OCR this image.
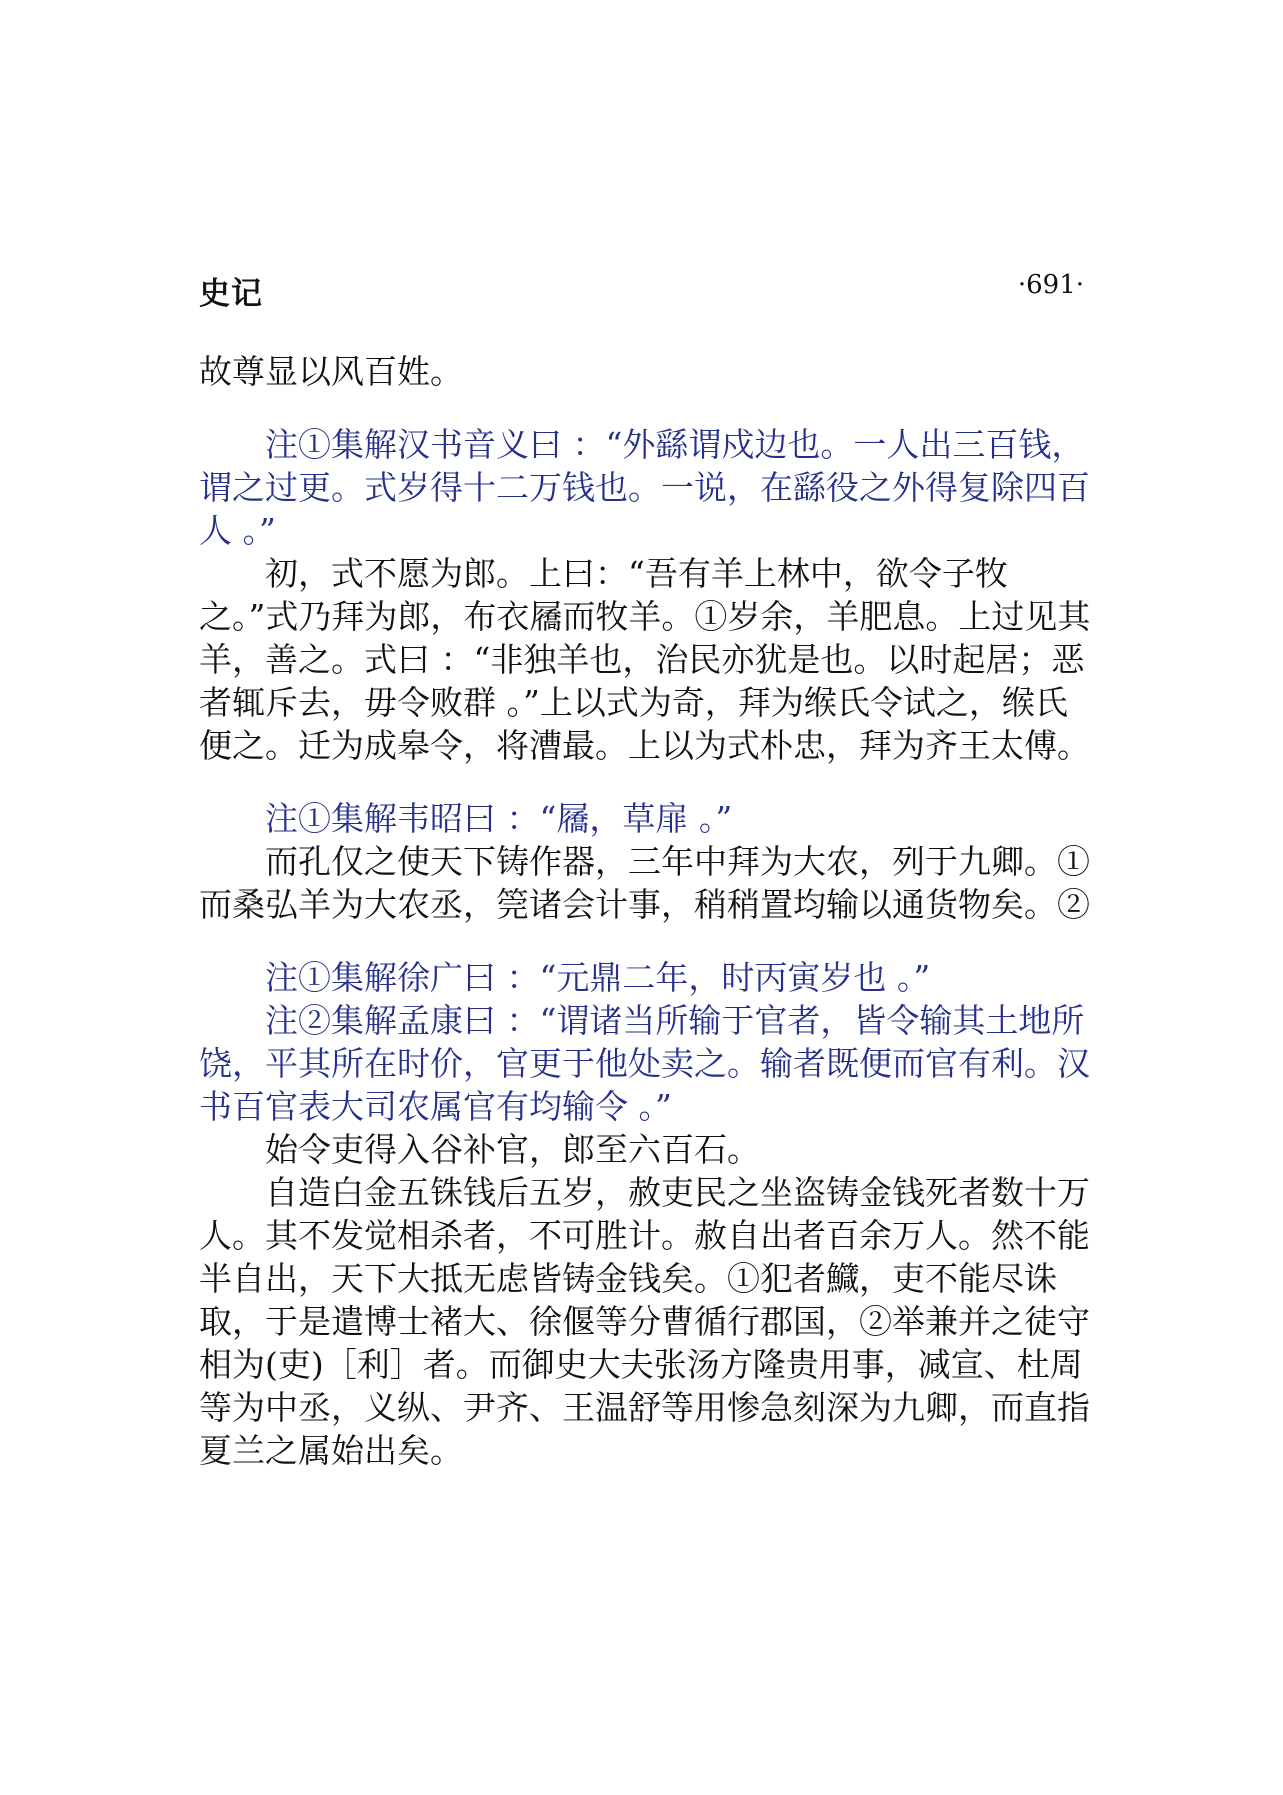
史记	·691·

故尊显以风百姓。

注①集解汉书音义曰 ：“外繇谓戍边也。一人出三百钱，谓之过更。式岁得十二万钱也。一说，在繇役之外得复除四百人 。”

初，式不愿为郎。上曰：“吾有羊上林中，欲令子牧之。”式乃拜为郎，布衣屩而牧羊。①岁余，羊肥息。上过见其羊，善之。式曰 ：“非独羊也，治民亦犹是也。以时起居；恶者辄斥去，毋令败群 。”上以式为奇，拜为缑氏令试之，缑氏便之。迁为成皋令，将漕最。上以为式朴忠，拜为齐王太傅。

注①集解韦昭曰 ：“屩，草扉 。”

而孔仅之使天下铸作器，三年中拜为大农，列于九卿。①而桑弘羊为大农丞，筦诸会计事，稍稍置均输以通货物矣。②

注①集解徐广曰 ：“元鼎二年，时丙寅岁也 。”

注②集解孟康曰 ：“谓诸当所输于官者，皆令输其土地所饶，平其所在时价，官更于他处卖之。输者既便而官有利。汉书百官表大司农属官有均输令 。”

始令吏得入谷补官，郎至六百石。

自造白金五铢钱后五岁，赦吏民之坐盗铸金钱死者数十万人。其不发觉相杀者，不可胜计。赦自出者百余万人。然不能半自出，天下大抵无虑皆铸金钱矣。①犯者鱵，吏不能尽诛取，于是遣博士褚大、徐偃等分曹循行郡国，②举兼并之徒守相为(吏)［利］者。而御史大夫张汤方隆贵用事，减宣、杜周等为中丞，义纵、尹齐、王温舒等用惨急刻深为九卿，而直指夏兰之属始出矣。
